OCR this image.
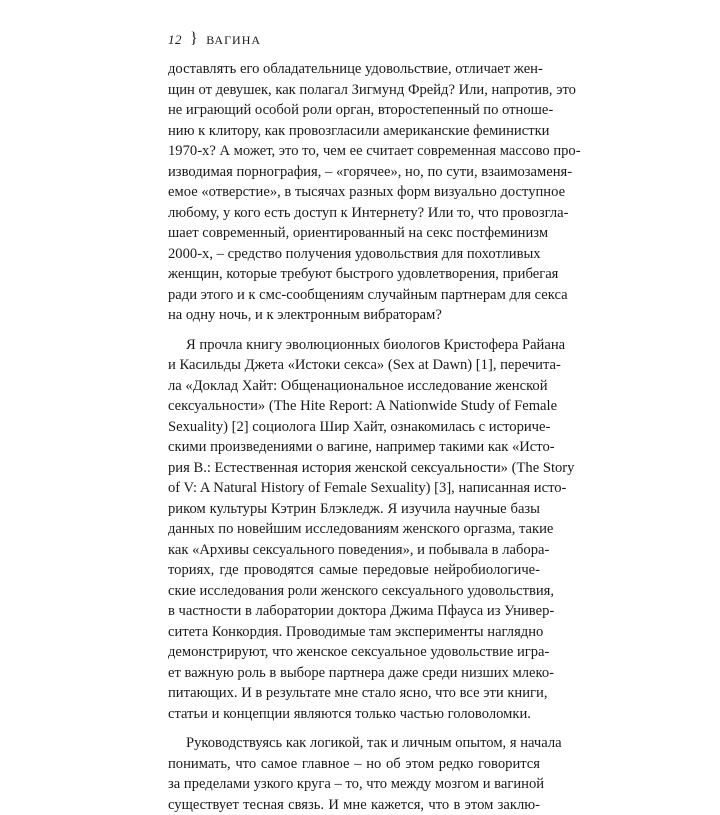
12 } ВАГИНА
доставлять его обладательнице удовольствие, отличает жен-
щин от девушек, как полагал Зигмунд Фрейд? Или, напротив, это
не играющий особой роли орган, второстепенный по отноше-
нию к клитору, как провозгласили американские феминистки
1970-х? А может, это то, чем ее считает современная массово про-
изводимая порнография, – «горячее», но, по сути, взаимозаменя-
емое «отверстие», в тысячах разных форм визуально доступное
любому, у кого есть доступ к Интернету? Или то, что провозгла-
шает современный, ориентированный на секс постфеминизм
2000-х, – средство получения удовольствия для похотливых
женщин, которые требуют быстрого удовлетворения, прибегая
ради этого и к смс-сообщениям случайным партнерам для секса
на одну ночь, и к электронным вибраторам?
Я прочла книгу эволюционных биологов Кристофера Райана
и Касильды Джета «Истоки секса» (Sex at Dawn) [1], перечита-
ла «Доклад Хайт: Общенациональное исследование женской
сексуальности» (The Hite Report: A Nationwide Study of Female
Sexuality) [2] социолога Шир Хайт, ознакомилась с историче-
скими произведениями о вагине, например такими как «Исто-
рия В.: Естественная история женской сексуальности» (The Story
of V: A Natural History of Female Sexuality) [3], написанная исто-
риком культуры Кэтрин Блэкледж. Я изучила научные базы
данных по новейшим исследованиям женского оргазма, такие
как «Архивы сексуального поведения», и побывала в лабора-
ториях, где проводятся самые передовые нейробиологиче-
ские исследования роли женского сексуального удовольствия,
в частности в лаборатории доктора Джима Пфауса из Универ-
ситета Конкордия. Проводимые там эксперименты наглядно
демонстрируют, что женское сексуальное удовольствие игра-
ет важную роль в выборе партнера даже среди низших млеко-
питающих. И в результате мне стало ясно, что все эти книги,
статьи и концепции являются только частью головоломки.
Руководствуясь как логикой, так и личным опытом, я начала
понимать, что самое главное – но об этом редко говорится
за пределами узкого круга – то, что между мозгом и вагиной
существует тесная связь. И мне кажется, что в этом заклю-
